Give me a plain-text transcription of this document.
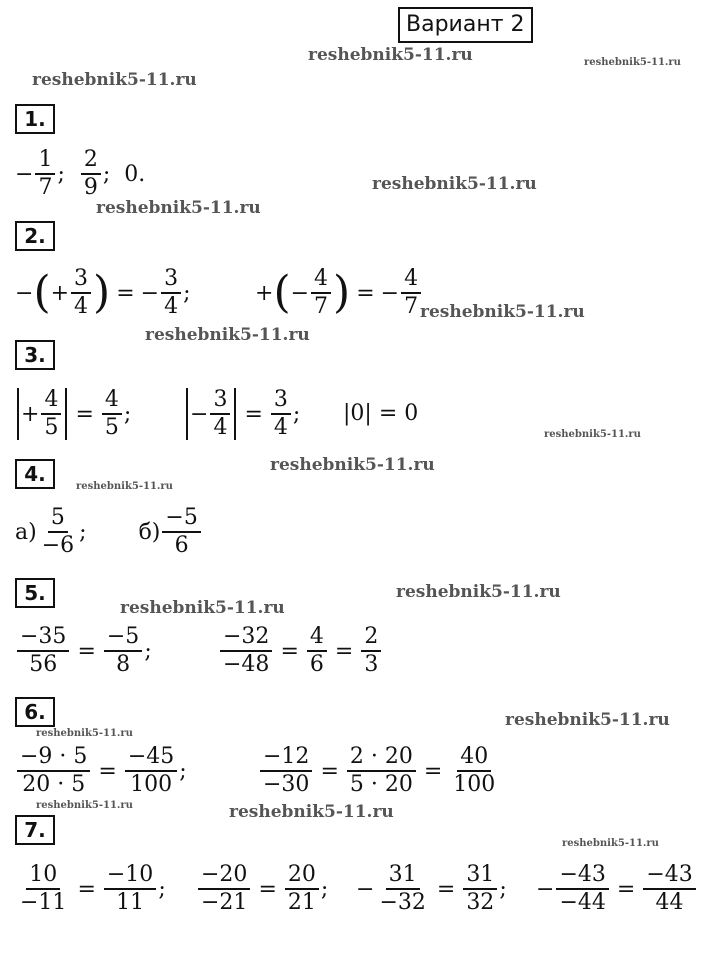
Вариант 2
reshebnik5-11.ru	reshebnik5-11.ru
reshebnik5-11.ru
reshebnik5-11.ru
reshebnik5-11.ru
reshebnik5-11.ru
reshebnik5-11.ru
reshebnik5-11.ru
reshebnik5-11.ru
reshebnik5-11.ru
reshebnik5-11.ru
reshebnik5-11.ru
reshebnik5-11.ru
reshebnik5-11.ru
reshebnik5-11.ru	reshebnik5-11.ru
reshebnik5-11.ru
1.
2.
3.
4.
5.
6.
7.
− $\frac{1}{7}$ ;
2
9
; 0.
− ( + $\frac{3}{4}$ ) = − $\frac{3}{4}$ ;	+ ( − $\frac{4}{7}$ ) = − $\frac{4}{7}$
+ $\frac{4}{5} = \frac{4}{5}$ ;	− $\frac{3}{4} = \frac{3}{4}$ ; |0| = 0
а)
5
−6
; б)
−5
6
$\frac{-35}{56} = \frac{-5}{8}$ ;	$\frac{-32}{-48} = \frac{4}{6} = \frac{2}{3}$
$\frac{-9 \cdot 5}{20 \cdot 5} = \frac{-45}{100}$ ;	$\frac{-12}{-30} = \frac{2 \cdot 20}{5 \cdot 20} = \frac{40}{100}$
$\frac{10}{-11} = \frac{-10}{11}$ ; $\frac{-20}{-21} = \frac{20}{21}$ ; − $\frac{31}{-32} = \frac{31}{32}$ ; − $\frac{-43}{-44} = \frac{-43}{44}$
